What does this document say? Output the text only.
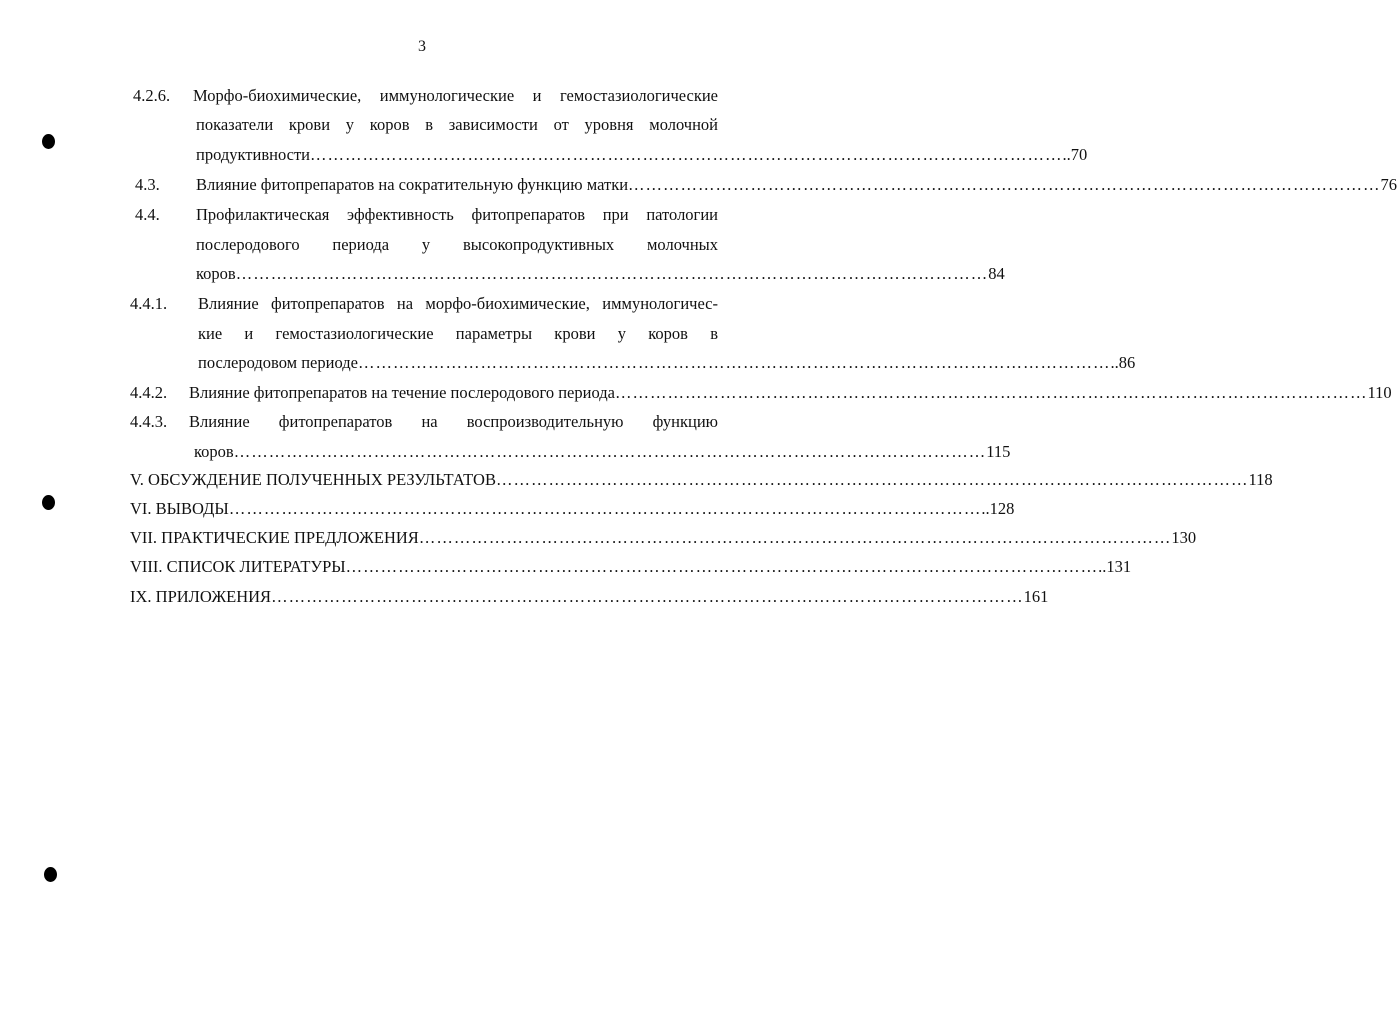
3
4.2.6. Морфо-биохимические, иммунологические и гемостазиологические
показатели крови у коров в зависимости от уровня молочной
продуктивности ………………………………………………………………………………………………………………… ..70
4.3. Влияние фитопрепаратов на сократительную функцию матки ………………………………………………………………………………………………………………… 76
4.4. Профилактическая эффективность фитопрепаратов при патологии
послеродового периода у высокопродуктивных молочных
коров ………………………………………………………………………………………………………………… 84
4.4.1. Влияние фитопрепаратов на морфо-биохимические, иммунологичес-
кие и гемостазиологические параметры крови у коров в
послеродовом периоде ………………………………………………………………………………………………………………… ..86
4.4.2. Влияние фитопрепаратов на течение послеродового периода ………………………………………………………………………………………………………………… 110
4.4.3. Влияние фитопрепаратов на воспроизводительную функцию
коров ………………………………………………………………………………………………………………… 115
V. ОБСУЖДЕНИЕ ПОЛУЧЕННЫХ РЕЗУЛЬТАТОВ ………………………………………………………………………………………………………………… 118
VI. ВЫВОДЫ ………………………………………………………………………………………………………………… ..128
VII. ПРАКТИЧЕСКИЕ ПРЕДЛОЖЕНИЯ ………………………………………………………………………………………………………………… 130
VIII. СПИСОК ЛИТЕРАТУРЫ ………………………………………………………………………………………………………………… ..131
IX. ПРИЛОЖЕНИЯ ………………………………………………………………………………………………………………… 161
